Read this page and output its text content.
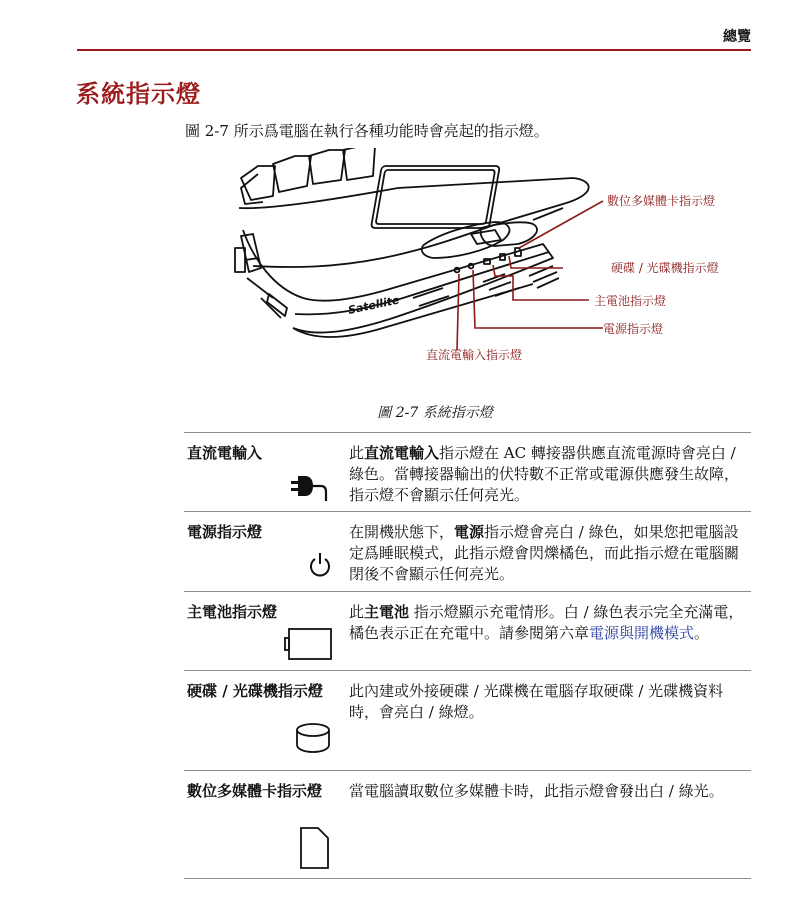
總覽
系統指示燈
圖 2-7 所示爲電腦在執行各種功能時會亮起的指示燈。
Satellite
數位多媒體卡指示燈
硬碟 / 光碟機指示燈
主電池指示燈
電源指示燈
直流電輸入指示燈
圖 2-7 系統指示燈
直流電輸入	此直流電輸入指示燈在 AC 轉接器供應直流電源時會亮白 / 綠色。當轉接器輸出的伏特數不正常或電源供應發生故障，指示燈不會顯示任何亮光。
電源指示燈	在開機狀態下，電源指示燈會亮白 / 綠色，如果您把電腦設定爲睡眠模式，此指示燈會閃爍橘色，而此指示燈在電腦關閉後不會顯示任何亮光。
主電池指示燈	此主電池 指示燈顯示充電情形。白 / 綠色表示完全充滿電，橘色表示正在充電中。請參閱第六章電源與開機模式。
硬碟 / 光碟機指示燈 此內建或外接硬碟 / 光碟機在電腦存取硬碟 / 光碟機資料時，會亮白 / 綠燈。
數位多媒體卡指示燈	當電腦讀取數位多媒體卡時，此指示燈會發出白 / 綠光。
